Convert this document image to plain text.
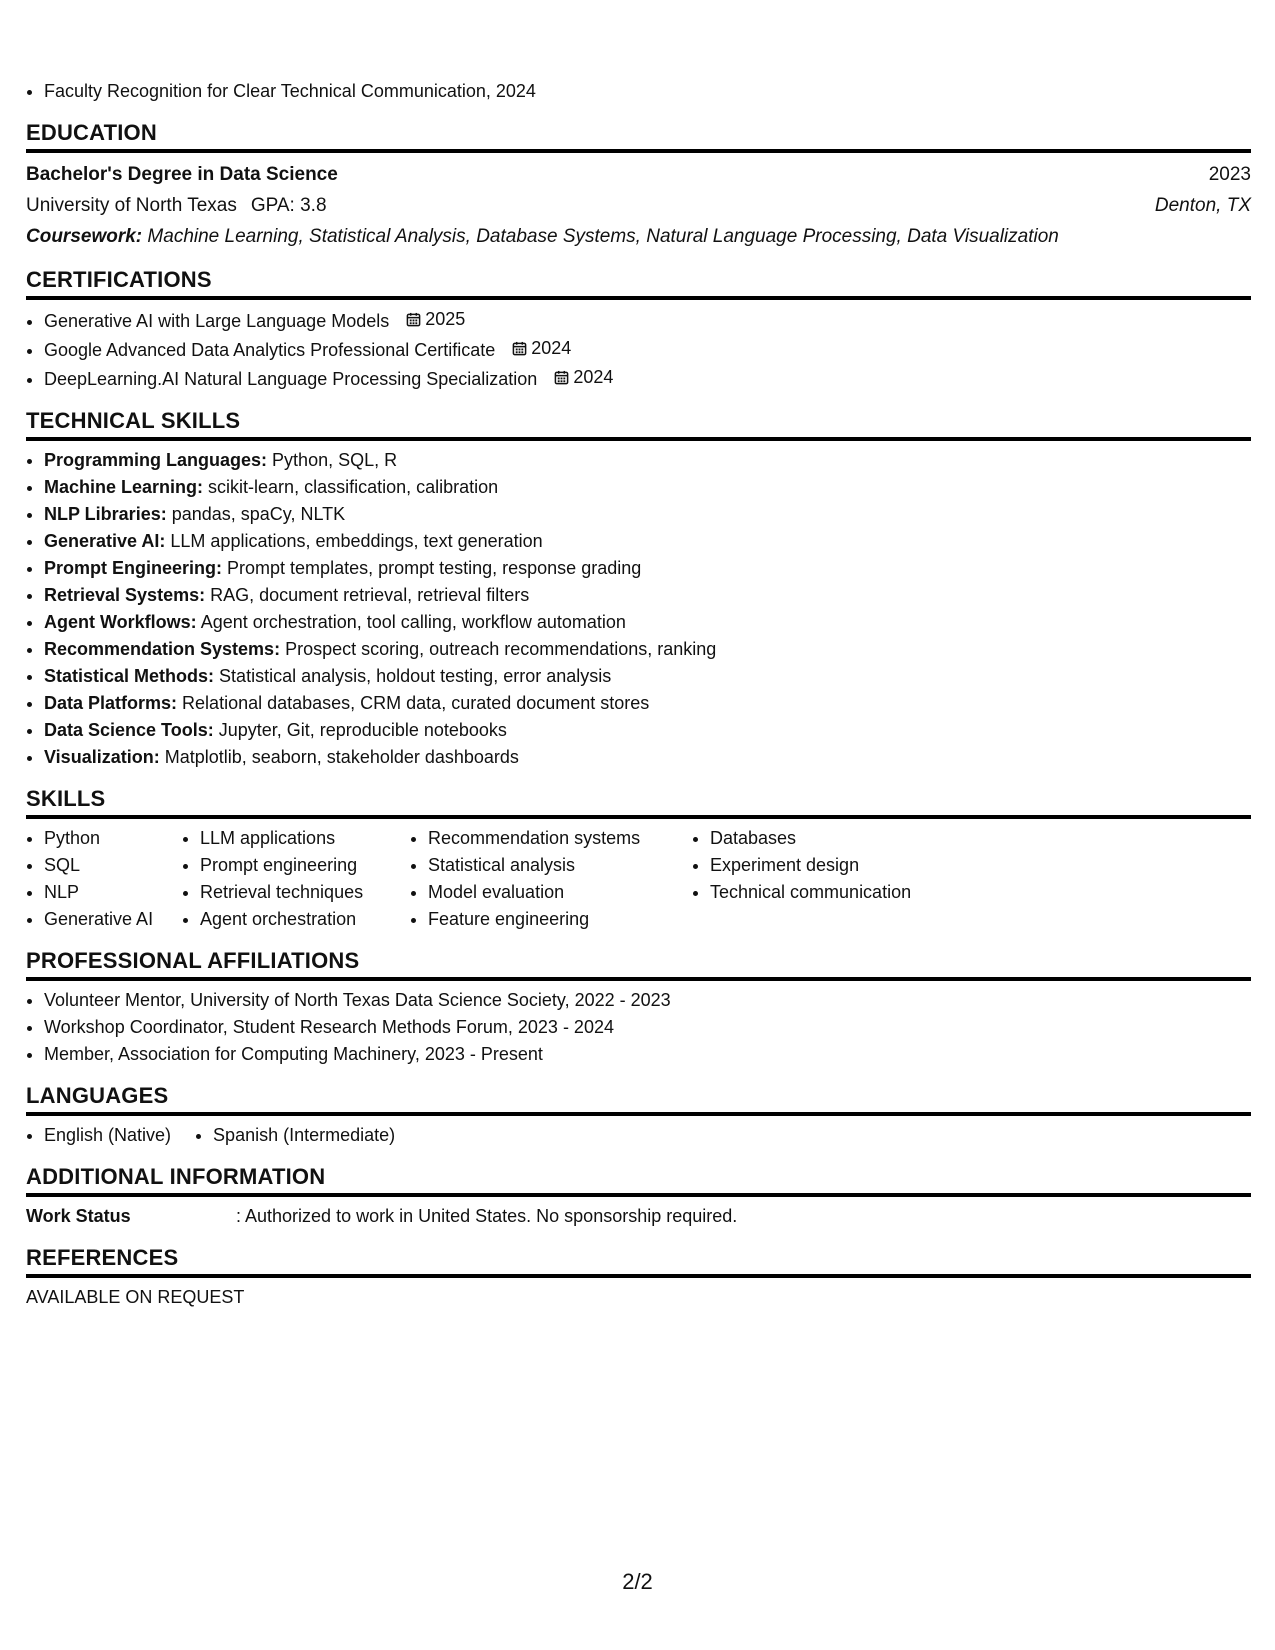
• Faculty Recognition for Clear Technical Communication, 2024
EDUCATION
Bachelor's Degree in Data Science	2023
University of North Texas GPA: 3.8	Denton, TX
Coursework: Machine Learning, Statistical Analysis, Database Systems, Natural Language Processing, Data Visualization
CERTIFICATIONS
• Generative AI with Large Language Models 2025
• Google Advanced Data Analytics Professional Certificate 2024
• DeepLearning.AI Natural Language Processing Specialization 2024
TECHNICAL SKILLS
• Programming Languages: Python, SQL, R
• Machine Learning: scikit-learn, classification, calibration
• NLP Libraries: pandas, spaCy, NLTK
• Generative AI: LLM applications, embeddings, text generation
• Prompt Engineering: Prompt templates, prompt testing, response grading
• Retrieval Systems: RAG, document retrieval, retrieval filters
• Agent Workflows: Agent orchestration, tool calling, workflow automation
• Recommendation Systems: Prospect scoring, outreach recommendations, ranking
• Statistical Methods: Statistical analysis, holdout testing, error analysis
• Data Platforms: Relational databases, CRM data, curated document stores
• Data Science Tools: Jupyter, Git, reproducible notebooks
• Visualization: Matplotlib, seaborn, stakeholder dashboards
SKILLS
• Python
• SQL
• NLP
• Generative AI
• LLM applications
• Prompt engineering
• Retrieval techniques
• Agent orchestration
• Recommendation systems
• Statistical analysis
• Model evaluation
• Feature engineering
• Databases
• Experiment design
• Technical communication
PROFESSIONAL AFFILIATIONS
• Volunteer Mentor, University of North Texas Data Science Society, 2022 - 2023
• Workshop Coordinator, Student Research Methods Forum, 2023 - 2024
• Member, Association for Computing Machinery, 2023 - Present
LANGUAGES
• English (Native)
• Spanish (Intermediate)
ADDITIONAL INFORMATION
Work Status	: Authorized to work in United States. No sponsorship required.
REFERENCES
AVAILABLE ON REQUEST
2/2
